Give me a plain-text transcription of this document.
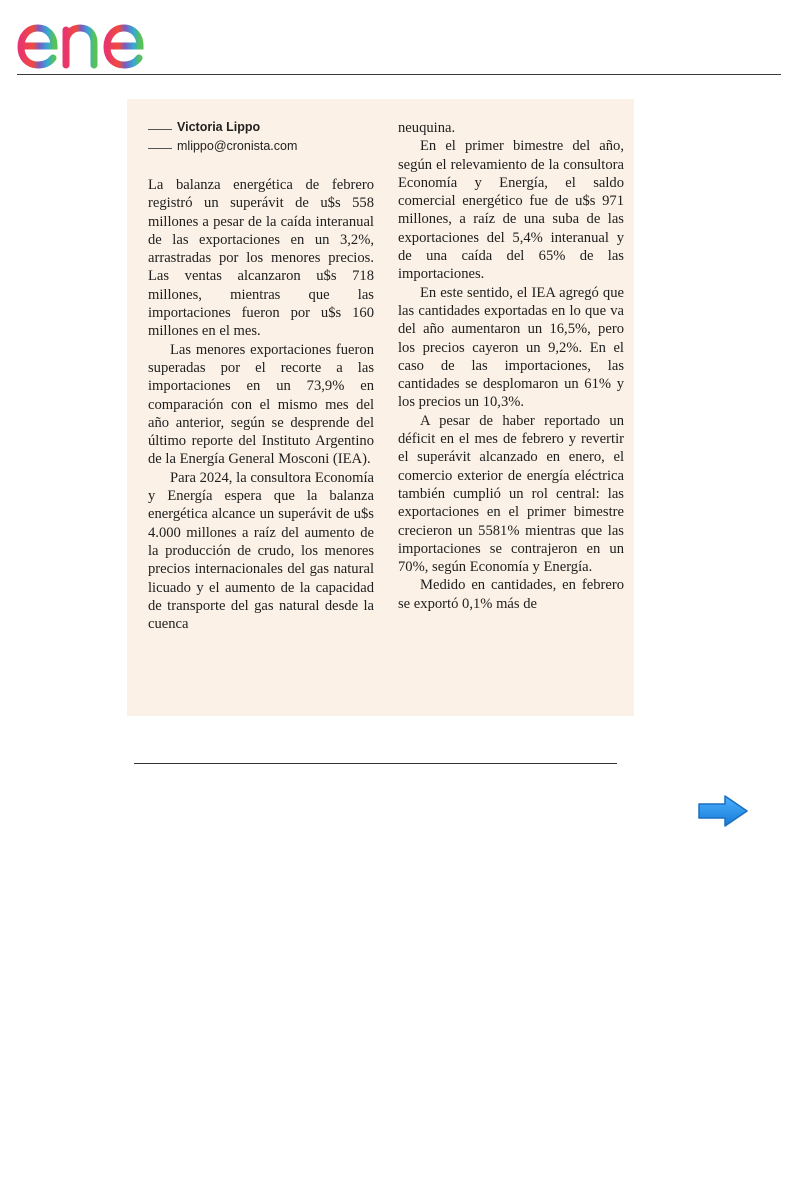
Victoria Lippo
mlippo@cronista.com

La balanza energética de febrero registró un superávit de u$s 558 millones a pesar de la caída interanual de las exportaciones en un 3,2%, arrastradas por los menores precios. Las ventas alcanzaron u$s 718 millones, mientras que las importaciones fueron por u$s 160 millones en el mes.

Las menores exportaciones fueron superadas por el recorte a las importaciones en un 73,9% en comparación con el mismo mes del año anterior, según se desprende del último reporte del Instituto Argentino de la Energía General Mosconi (IEA).

Para 2024, la consultora Economía y Energía espera que la balanza energética alcance un superávit de u$s 4.000 millones a raíz del aumento de la producción de crudo, los menores precios internacionales del gas natural licuado y el aumento de la capacidad de transporte del gas natural desde la cuenca

neuquina.

En el primer bimestre del año, según el relevamiento de la consultora Economía y Energía, el saldo comercial energético fue de u$s 971 millones, a raíz de una suba de las exportaciones del 5,4% interanual y de una caída del 65% de las importaciones.

En este sentido, el IEA agregó que las cantidades exportadas en lo que va del año aumentaron un 16,5%, pero los precios cayeron un 9,2%. En el caso de las importaciones, las cantidades se desplomaron un 61% y los precios un 10,3%.

A pesar de haber reportado un déficit en el mes de febrero y revertir el superávit alcanzado en enero, el comercio exterior de energía eléctrica también cumplió un rol central: las exportaciones en el primer bimestre crecieron un 5581% mientras que las importaciones se contrajeron en un 70%, según Economía y Energía.

Medido en cantidades, en febrero se exportó 0,1% más de
